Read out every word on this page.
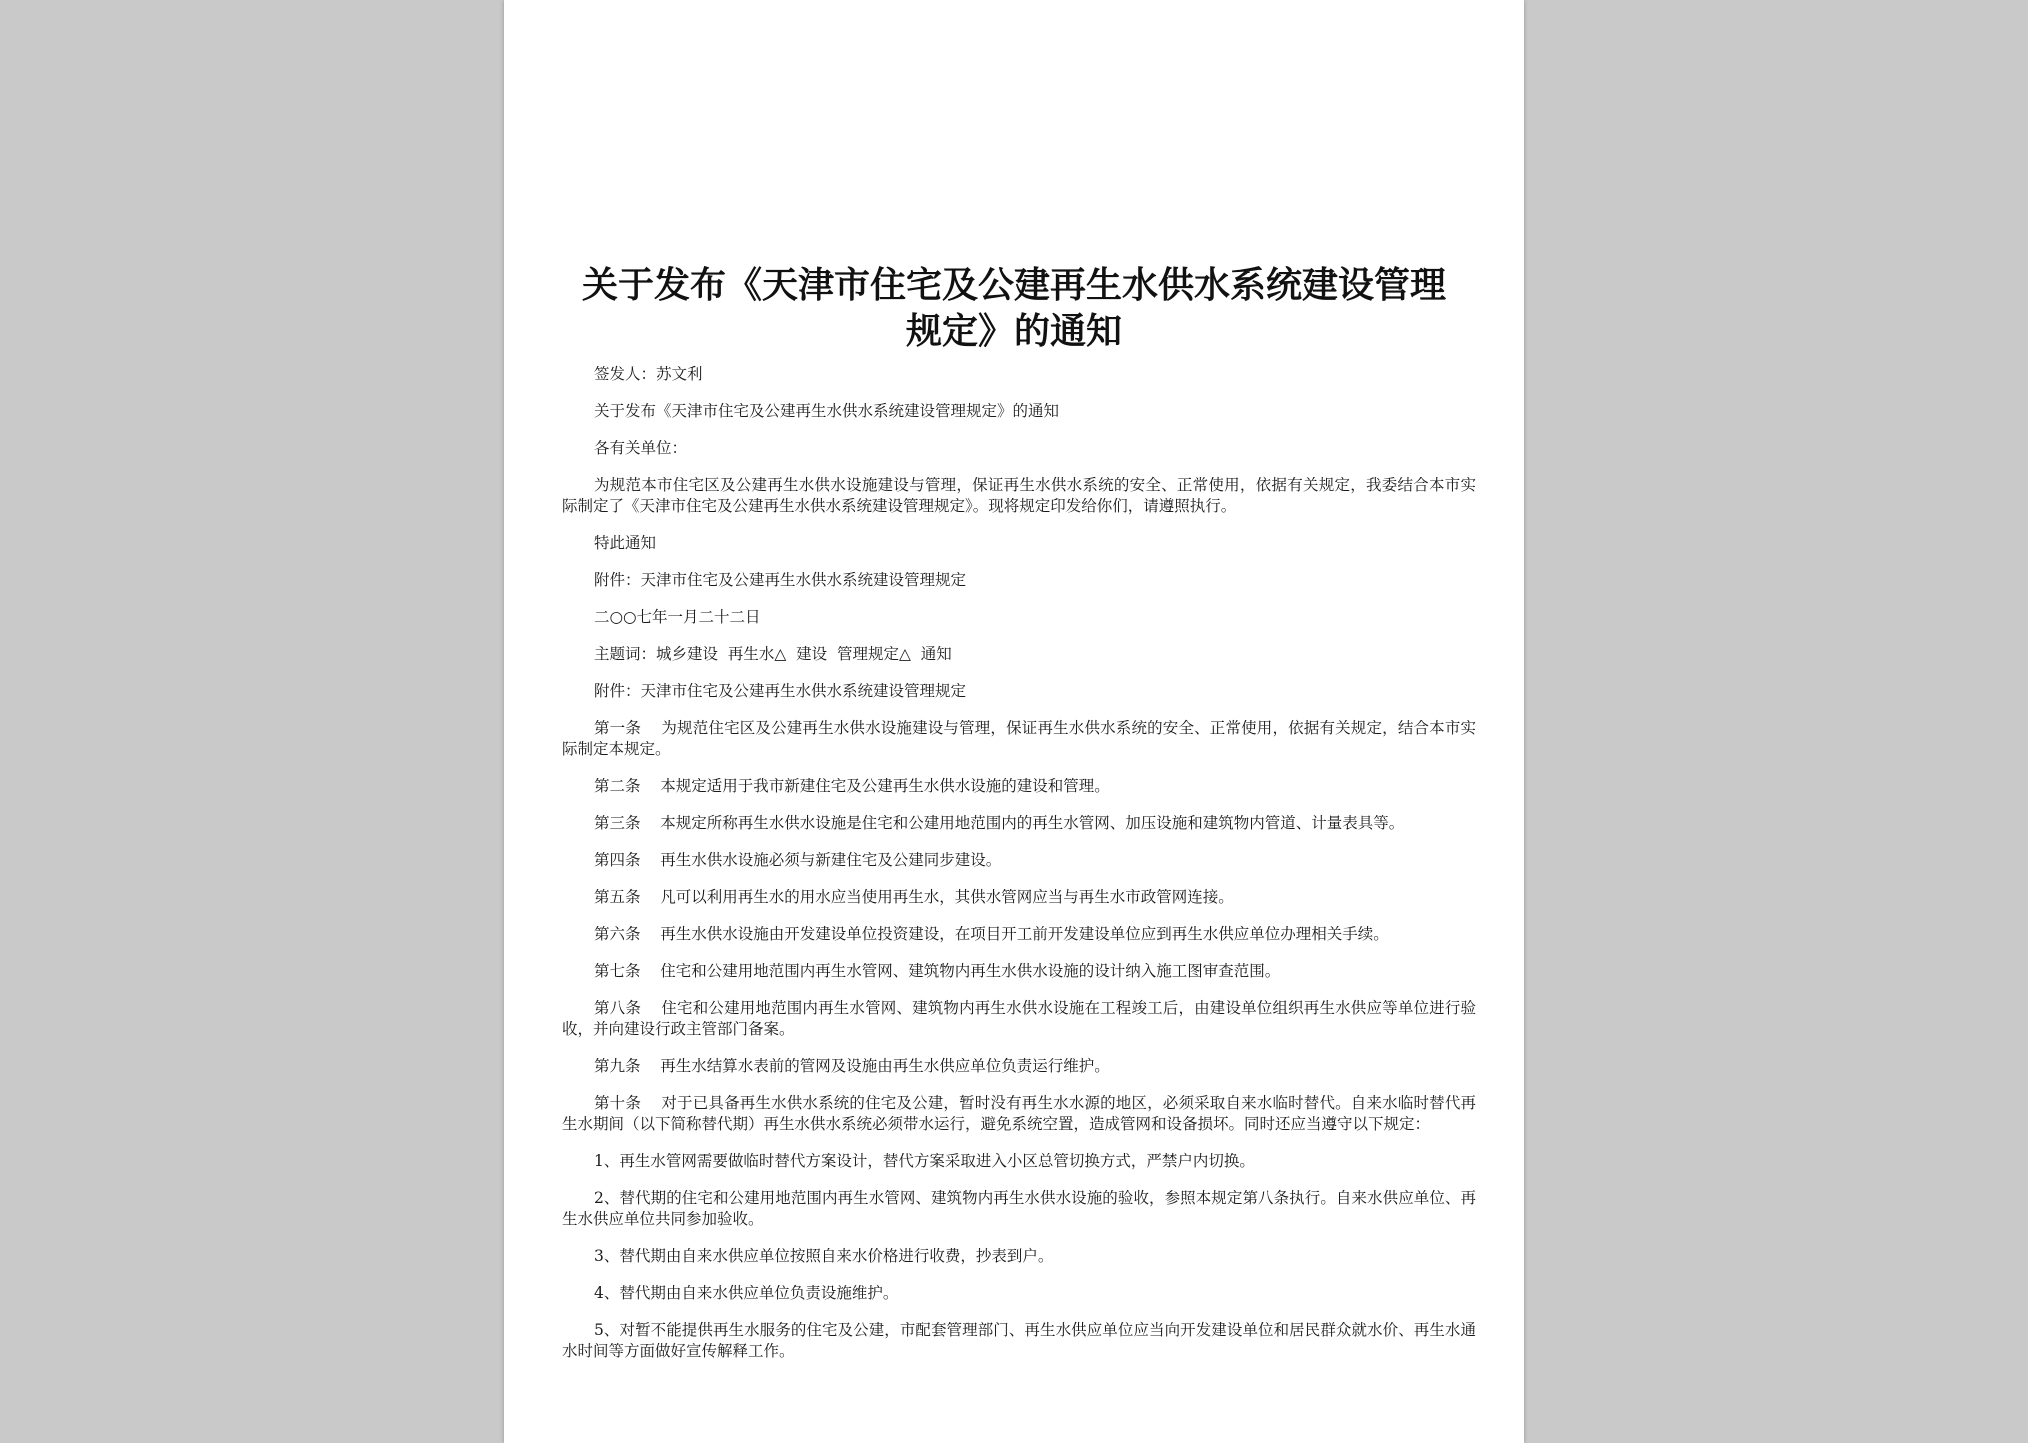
关于发布《天津市住宅及公建再生水供水系统建设管理
规定》的通知

签发人：苏文利

关于发布《天津市住宅及公建再生水供水系统建设管理规定》的通知

各有关单位：

为规范本市住宅区及公建再生水供水设施建设与管理，保证再生水供水系统的安全、正常使用，依据有关规定，我委结合本市实际制定了《天津市住宅及公建再生水供水系统建设管理规定》。现将规定印发给你们，请遵照执行。

特此通知

附件：天津市住宅及公建再生水供水系统建设管理规定

二○○七年一月二十二日

主题词：城乡建设  再生水△  建设  管理规定△  通知

附件：天津市住宅及公建再生水供水系统建设管理规定

第一条    为规范住宅区及公建再生水供水设施建设与管理，保证再生水供水系统的安全、正常使用，依据有关规定，结合本市实际制定本规定。

第二条    本规定适用于我市新建住宅及公建再生水供水设施的建设和管理。

第三条    本规定所称再生水供水设施是住宅和公建用地范围内的再生水管网、加压设施和建筑物内管道、计量表具等。

第四条    再生水供水设施必须与新建住宅及公建同步建设。

第五条    凡可以利用再生水的用水应当使用再生水，其供水管网应当与再生水市政管网连接。

第六条    再生水供水设施由开发建设单位投资建设，在项目开工前开发建设单位应到再生水供应单位办理相关手续。

第七条    住宅和公建用地范围内再生水管网、建筑物内再生水供水设施的设计纳入施工图审查范围。

第八条    住宅和公建用地范围内再生水管网、建筑物内再生水供水设施在工程竣工后，由建设单位组织再生水供应等单位进行验收，并向建设行政主管部门备案。

第九条    再生水结算水表前的管网及设施由再生水供应单位负责运行维护。

第十条    对于已具备再生水供水系统的住宅及公建，暂时没有再生水水源的地区，必须采取自来水临时替代。自来水临时替代再生水期间（以下简称替代期）再生水供水系统必须带水运行，避免系统空置，造成管网和设备损坏。同时还应当遵守以下规定：

1、再生水管网需要做临时替代方案设计，替代方案采取进入小区总管切换方式，严禁户内切换。

2、替代期的住宅和公建用地范围内再生水管网、建筑物内再生水供水设施的验收，参照本规定第八条执行。自来水供应单位、再生水供应单位共同参加验收。

3、替代期由自来水供应单位按照自来水价格进行收费，抄表到户。

4、替代期由自来水供应单位负责设施维护。

5、对暂不能提供再生水服务的住宅及公建，市配套管理部门、再生水供应单位应当向开发建设单位和居民群众就水价、再生水通水时间等方面做好宣传解释工作。
